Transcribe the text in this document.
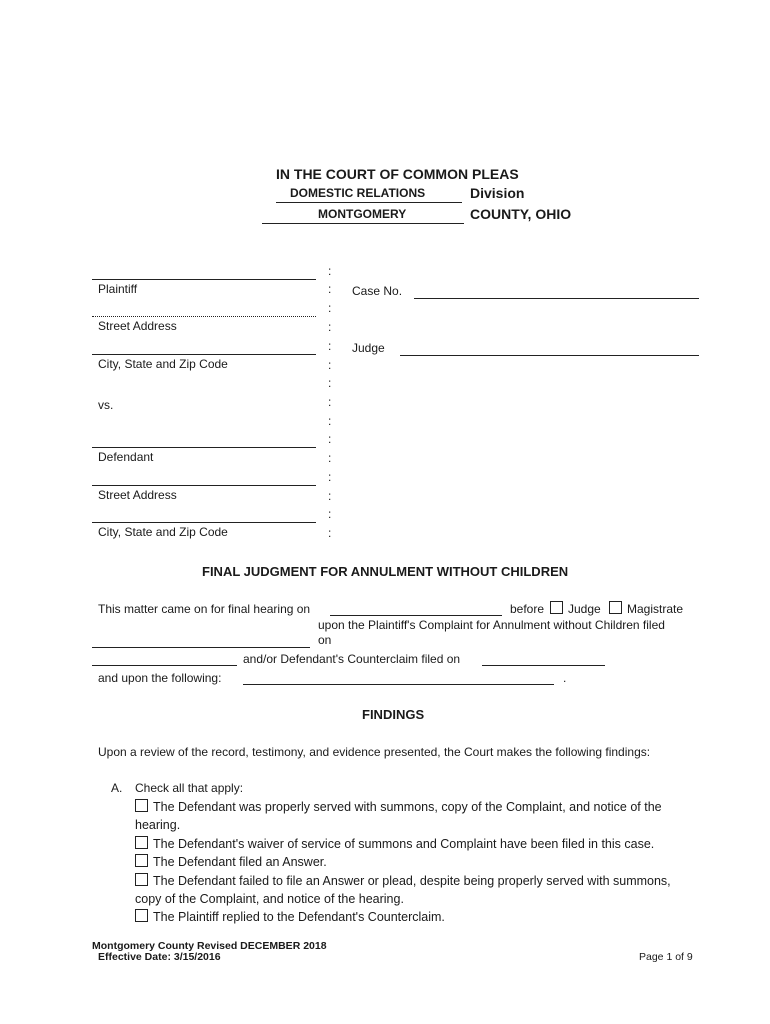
IN THE COURT OF COMMON PLEAS
DOMESTIC RELATIONS	Division
MONTGOMERY	COUNTY, OHIO
Plaintiff
Street Address
City, State and Zip Code
vs.
Defendant
Street Address
City, State and Zip Code
:
:
:
:
:
:
:
:
:
:
:
:
:
:
:
Case No.
Judge
FINAL JUDGMENT FOR ANNULMENT WITHOUT CHILDREN
This matter came on for final hearing on	before	Judge	Magistrate
upon the Plaintiff's Complaint for Annulment without Children filed
on
and/or Defendant's Counterclaim filed on
and upon the following:	.
FINDINGS
Upon a review of the record, testimony, and evidence presented, the Court makes the following findings:
A. Check all that apply:
The Defendant was properly served with summons, copy of the Complaint, and notice of the
hearing.
The Defendant's waiver of service of summons and Complaint have been filed in this case.
The Defendant filed an Answer.
The Defendant failed to file an Answer or plead, despite being properly served with summons,
copy of the Complaint, and notice of the hearing.
The Plaintiff replied to the Defendant's Counterclaim.
Montgomery County Revised DECEMBER 2018
Effective Date: 3/15/2016	Page 1 of 9
